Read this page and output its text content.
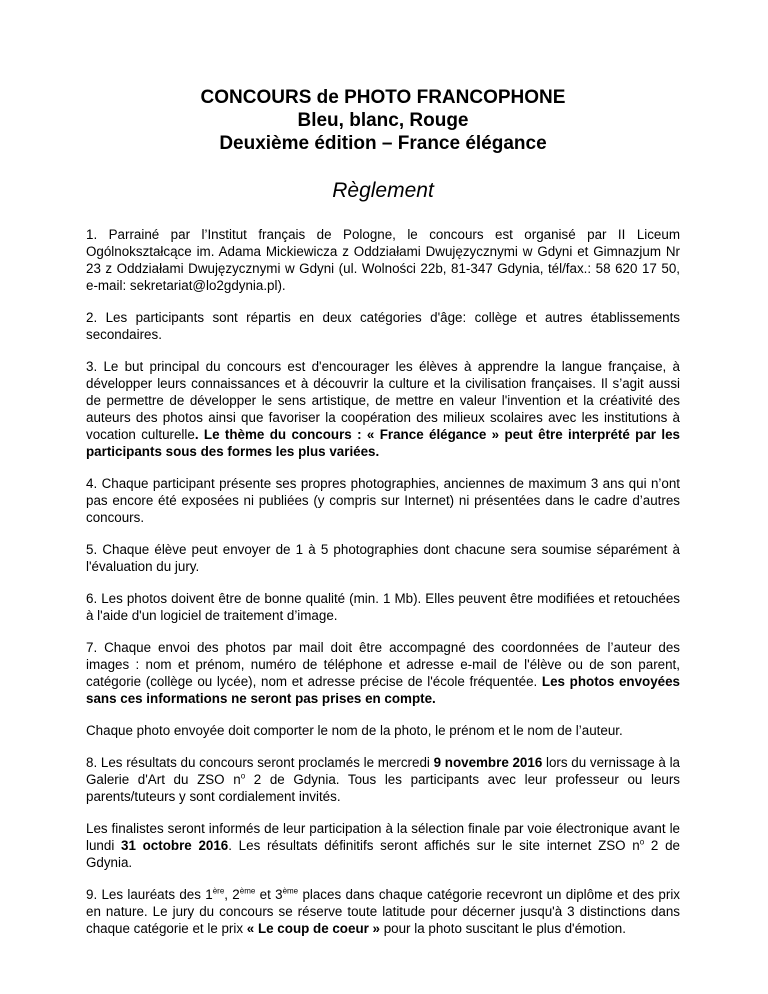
CONCOURS de PHOTO FRANCOPHONE
Bleu, blanc, Rouge
Deuxième édition – France élégance
Règlement

1. Parrainé par l’Institut français de Pologne, le concours est organisé par II Liceum Ogólnokształcące im. Adama Mickiewicza z Oddziałami Dwujęzycznymi w Gdyni et Gimnazjum Nr 23 z Oddziałami Dwujęzycznymi w Gdyni (ul. Wolności 22b, 81-347 Gdynia, tél/fax.: 58 620 17 50, e-mail: sekretariat@lo2gdynia.pl).

2. Les participants sont répartis en deux catégories d'âge: collège et autres établissements secondaires.

3. Le but principal du concours est d'encourager les élèves à apprendre la langue française, à développer leurs connaissances et à découvrir la culture et la civilisation françaises. Il s’agit aussi de permettre de développer le sens artistique, de mettre en valeur l'invention et la créativité des auteurs des photos ainsi que favoriser la coopération des milieux scolaires avec les institutions à vocation culturelle. Le thème du concours : « France élégance » peut être interprété par les participants sous des formes les plus variées.

4. Chaque participant présente ses propres photographies, anciennes de maximum 3 ans qui n’ont pas encore été exposées ni publiées (y compris sur Internet) ni présentées dans le cadre d’autres concours.

5. Chaque élève peut envoyer de 1 à 5 photographies dont chacune sera soumise séparément à l'évaluation du jury.

6. Les photos doivent être de bonne qualité (min. 1 Mb). Elles peuvent être modifiées et retouchées à l'aide d'un logiciel de traitement d’image.

7. Chaque envoi des photos par mail doit être accompagné des coordonnées de l’auteur des images : nom et prénom, numéro de téléphone et adresse e-mail de l'élève ou de son parent, catégorie (collège ou lycée), nom et adresse précise de l'école fréquentée. Les photos envoyées sans ces informations ne seront pas prises en compte.

Chaque photo envoyée doit comporter le nom de la photo, le prénom et le nom de l’auteur.

8. Les résultats du concours seront proclamés le mercredi 9 novembre 2016 lors du vernissage à la Galerie d'Art du ZSO $n^o$ 2 de Gdynia. Tous les participants avec leur professeur ou leurs parents/tuteurs y sont cordialement invités.

Les finalistes seront informés de leur participation à la sélection finale par voie électronique avant le lundi 31 octobre 2016. Les résultats définitifs seront affichés sur le site internet ZSO $n^o$ 2 de Gdynia.

9. Les lauréats des 1ère, 2ème et 3ème places dans chaque catégorie recevront un diplôme et des prix en nature. Le jury du concours se réserve toute latitude pour décerner jusqu'à 3 distinctions dans chaque catégorie et le prix « Le coup de coeur » pour la photo suscitant le plus d'émotion.
